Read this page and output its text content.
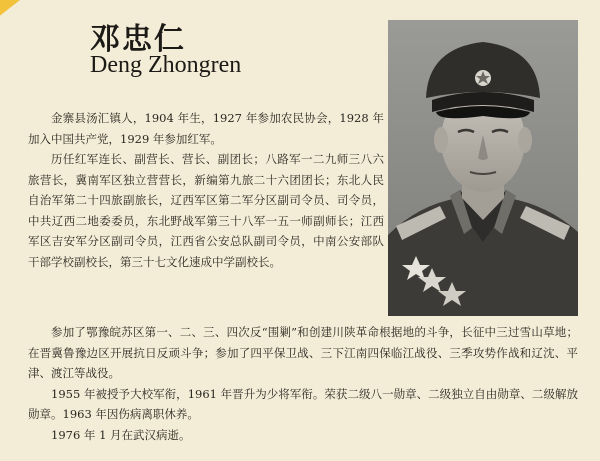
邓忠仁
Deng Zhongren

金寨县汤汇镇人，1904 年生，1927 年参加农民协会，1928 年加入中国共产党，1929 年参加红军。

历任红军连长、副营长、营长、副团长；八路军一二九师三八六旅营长，冀南军区独立营营长，新编第九旅二十六团团长；东北人民自治军第二十四旅副旅长，辽西军区第二军分区副司令员、司令员，中共辽西二地委委员，东北野战军第三十八军一五一师副师长；江西军区吉安军分区副司令员，江西省公安总队副司令员，中南公安部队干部学校副校长，第三十七文化速成中学副校长。

参加了鄂豫皖苏区第一、二、三、四次反“围剿”和创建川陕革命根据地的斗争，长征中三过雪山草地；在晋冀鲁豫边区开展抗日反顽斗争；参加了四平保卫战、三下江南四保临江战役、三季攻势作战和辽沈、平津、渡江等战役。

1955 年被授予大校军衔，1961 年晋升为少将军衔。荣获二级八一勋章、二级独立自由勋章、二级解放勋章。1963 年因伤病离职休养。

1976 年 1 月在武汉病逝。
